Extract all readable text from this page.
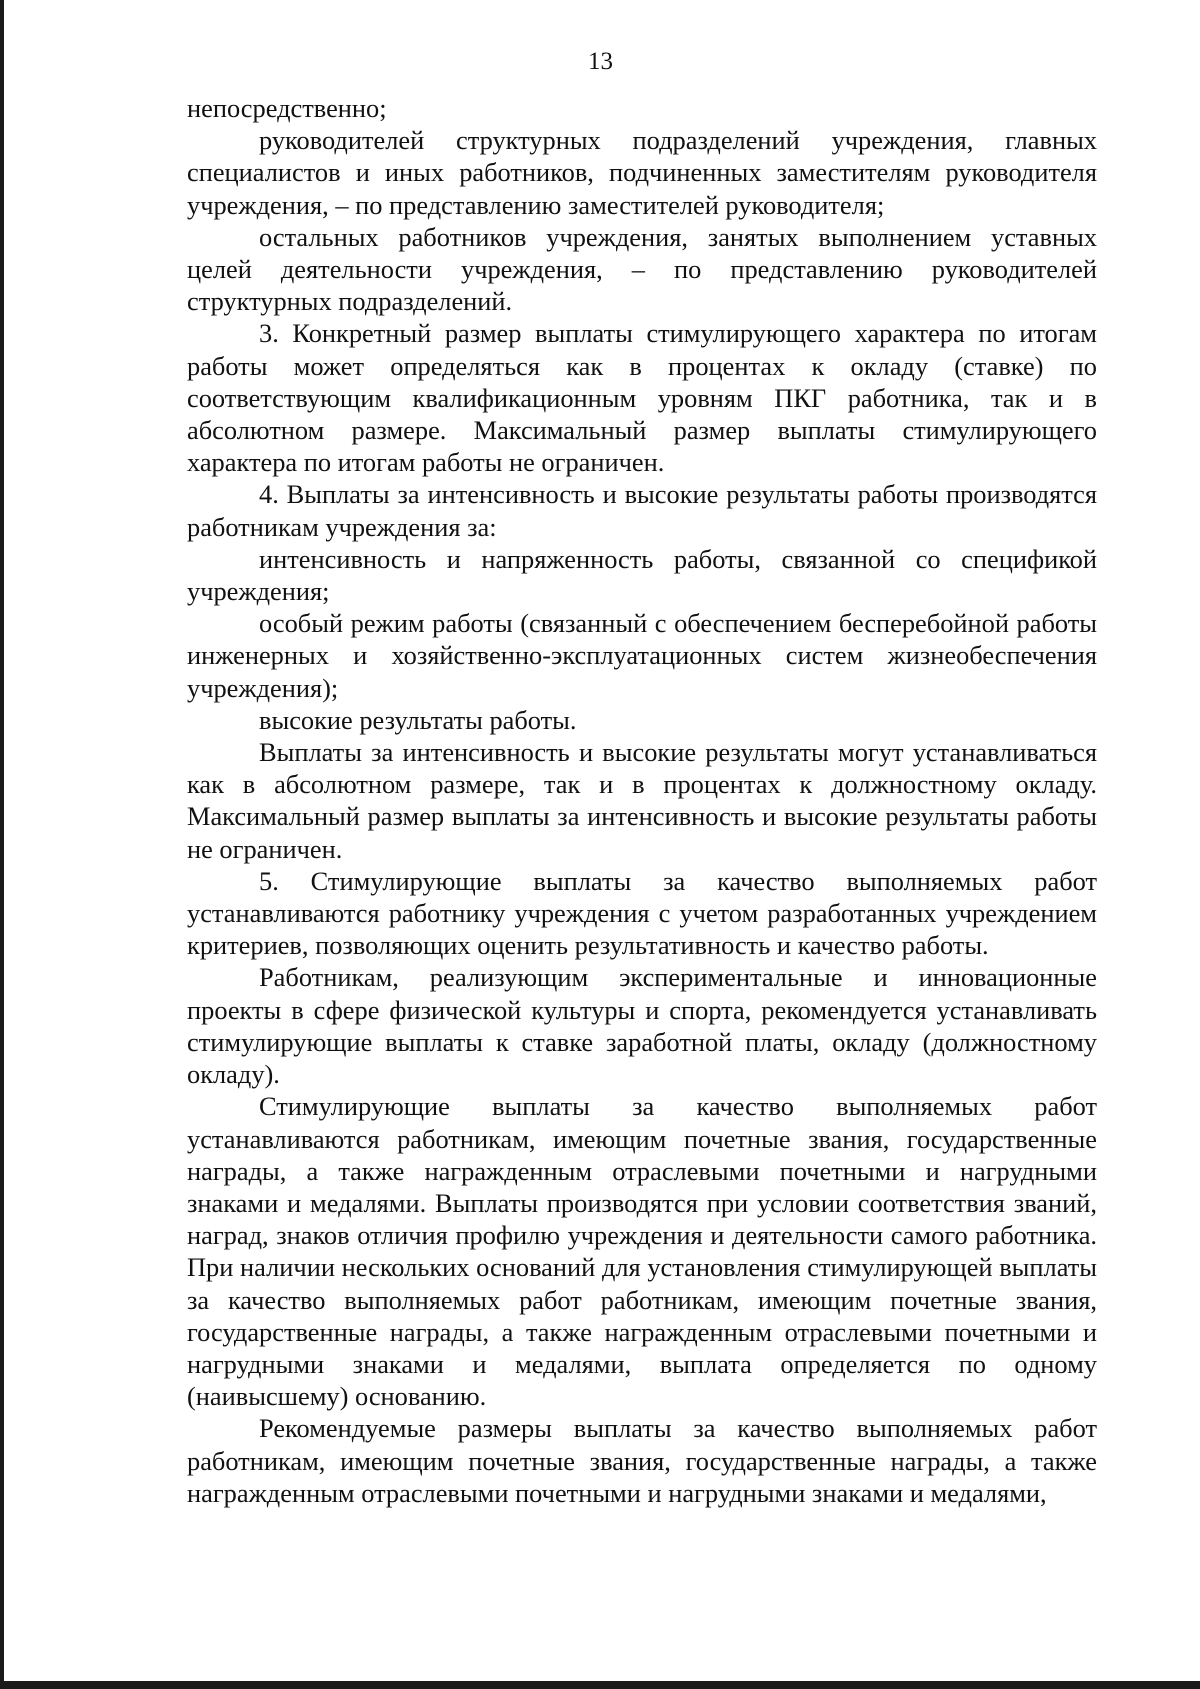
13

непосредственно;

руководителей структурных подразделений учреждения, главных специалистов и иных работников, подчиненных заместителям руководителя учреждения, – по представлению заместителей руководителя;

остальных работников учреждения, занятых выполнением уставных целей деятельности учреждения, – по представлению руководителей структурных подразделений.

3. Конкретный размер выплаты стимулирующего характера по итогам работы может определяться как в процентах к окладу (ставке) по соответствующим квалификационным уровням ПКГ работника, так и в абсолютном размере. Максимальный размер выплаты стимулирующего характера по итогам работы не ограничен.

4. Выплаты за интенсивность и высокие результаты работы производятся работникам учреждения за:

интенсивность и напряженность работы, связанной со спецификой учреждения;

особый режим работы (связанный с обеспечением бесперебойной работы инженерных и хозяйственно-эксплуатационных систем жизнеобеспечения учреждения);

высокие результаты работы.

Выплаты за интенсивность и высокие результаты могут устанавливаться как в абсолютном размере, так и в процентах к должностному окладу. Максимальный размер выплаты за интенсивность и высокие результаты работы не ограничен.

5. Стимулирующие выплаты за качество выполняемых работ устанавливаются работнику учреждения с учетом разработанных учреждением критериев, позволяющих оценить результативность и качество работы.

Работникам, реализующим экспериментальные и инновационные проекты в сфере физической культуры и спорта, рекомендуется устанавливать стимулирующие выплаты к ставке заработной платы, окладу (должностному окладу).

Стимулирующие выплаты за качество выполняемых работ устанавливаются работникам, имеющим почетные звания, государственные награды, а также награжденным отраслевыми почетными и нагрудными знаками и медалями. Выплаты производятся при условии соответствия званий, наград, знаков отличия профилю учреждения и деятельности самого работника. При наличии нескольких оснований для установления стимулирующей выплаты за качество выполняемых работ работникам, имеющим почетные звания, государственные награды, а также награжденным отраслевыми почетными и нагрудными знаками и медалями, выплата определяется по одному (наивысшему) основанию.

Рекомендуемые размеры выплаты за качество выполняемых работ работникам, имеющим почетные звания, государственные награды, а также награжденным отраслевыми почетными и нагрудными знаками и медалями,
